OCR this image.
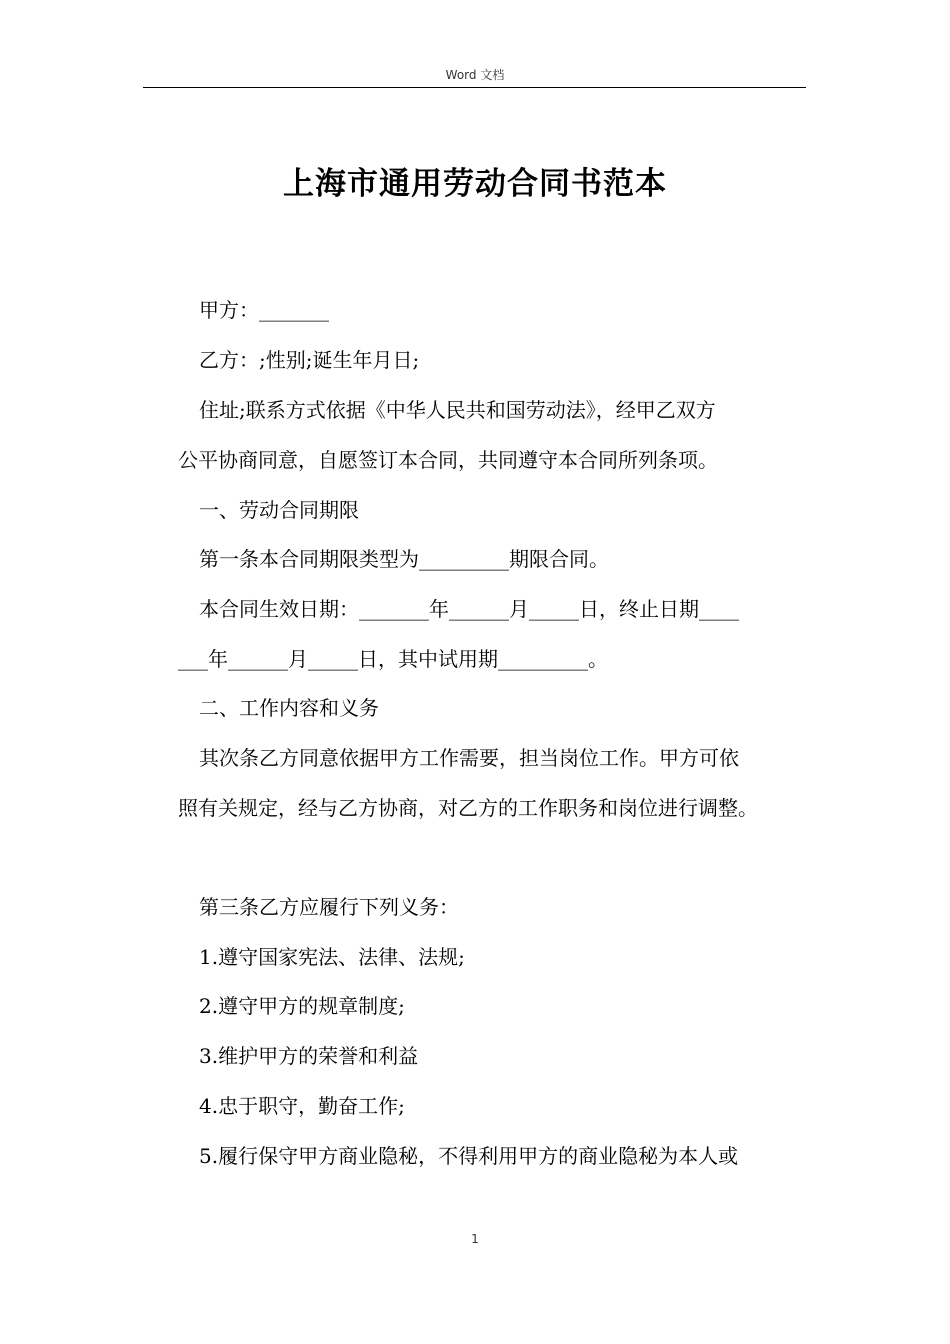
Word 文档
上海市通用劳动合同书范本
甲方：_______
乙方：;性别;诞生年月日;
住址;联系方式依据《中华人民共和国劳动法》，经甲乙双方
公平协商同意，自愿签订本合同，共同遵守本合同所列条项。
一、劳动合同期限
第一条本合同期限类型为_________期限合同。
本合同生效日期：_______年______月_____日，终止日期____
___年______月_____日，其中试用期_________。
二、工作内容和义务
其次条乙方同意依据甲方工作需要，担当岗位工作。甲方可依
照有关规定，经与乙方协商，对乙方的工作职务和岗位进行调整。
第三条乙方应履行下列义务：
1.遵守国家宪法、法律、法规;
2.遵守甲方的规章制度;
3.维护甲方的荣誉和利益
4.忠于职守，勤奋工作;
5.履行保守甲方商业隐秘，不得利用甲方的商业隐秘为本人或
1
